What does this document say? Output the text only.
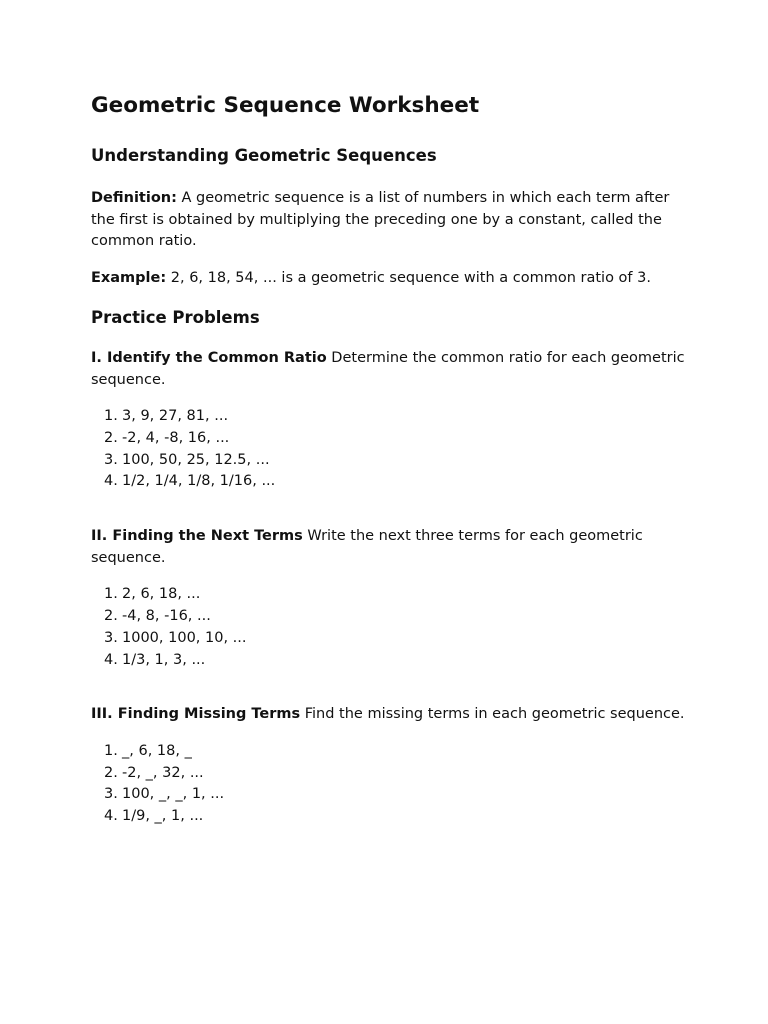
Geometric Sequence Worksheet
Understanding Geometric Sequences

Definition: A geometric sequence is a list of numbers in which each term after the first is obtained by multiplying the preceding one by a constant, called the common ratio.

Example: 2, 6, 18, 54, ... is a geometric sequence with a common ratio of 3.

Practice Problems

I. Identify the Common Ratio Determine the common ratio for each geometric sequence.

1. 3, 9, 27, 81, ...
2. -2, 4, -8, 16, ...
3. 100, 50, 25, 12.5, ...
4. 1/2, 1/4, 1/8, 1/16, ...

II. Finding the Next Terms Write the next three terms for each geometric sequence.

1. 2, 6, 18, ...
2. -4, 8, -16, ...
3. 1000, 100, 10, ...
4. 1/3, 1, 3, ...

III. Finding Missing Terms Find the missing terms in each geometric sequence.

1. _, 6, 18, _
2. -2, _, 32, ...
3. 100, _, _, 1, ...
4. 1/9, _, 1, ...
